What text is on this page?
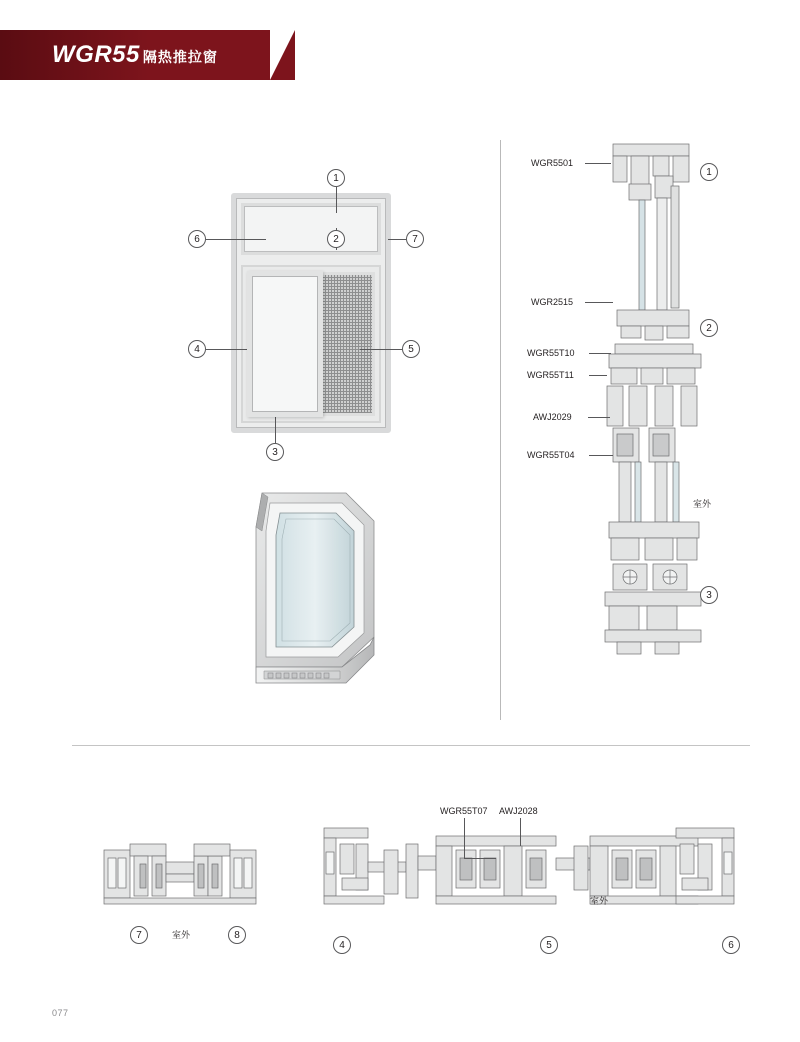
WGR55 隔热推拉窗
1
2
6	7
4	5
3
WGR5501
WGR2515
WGR55T10
WGR55T11
AWJ2029
WGR55T04
室外
1
2
3
7	8
室外
WGR55T07 AWJ2028
室外
4	5	6
077
